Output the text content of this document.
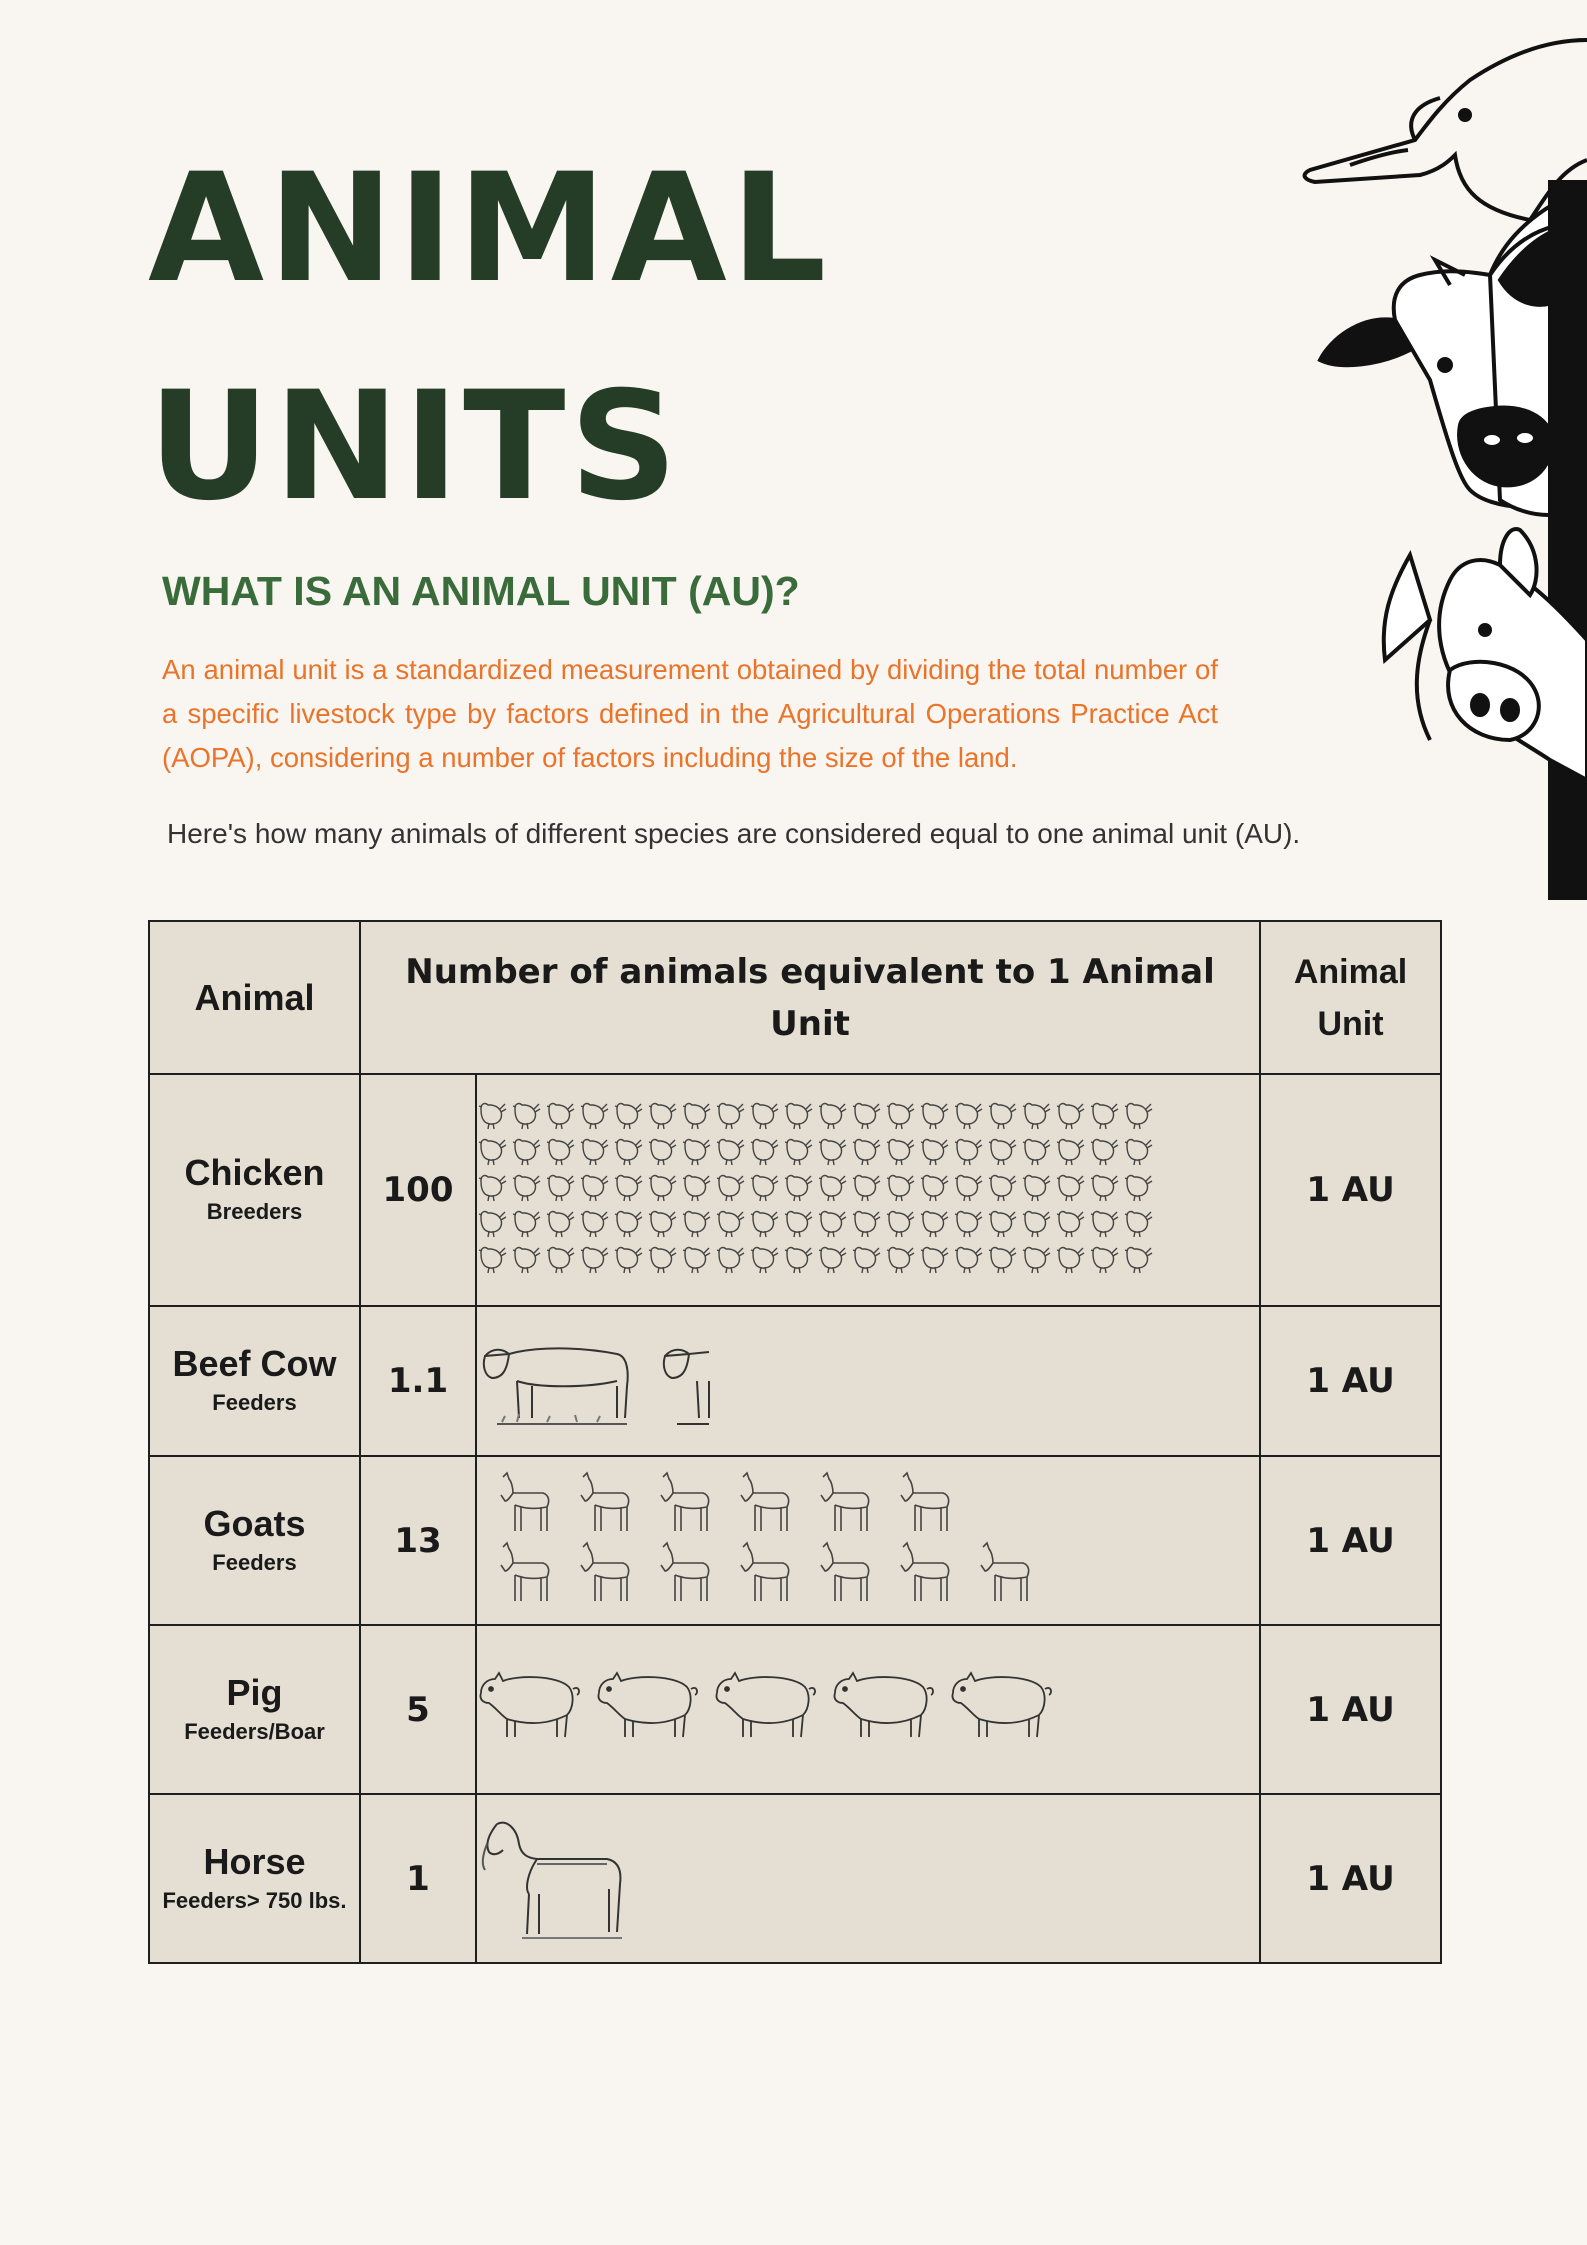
ANIMAL
UNITS
WHAT IS AN ANIMAL UNIT (AU)?
An animal unit is a standardized measurement obtained by dividing the total number of a specific livestock type by factors defined in the Agricultural Operations Practice Act (AOPA), considering a number of factors including the size of the land.
Here's how many animals of different species are considered equal to one animal unit (AU).
Animal	Number of animals equivalent to 1 Animal Unit		Animal Unit

Chicken
Breeders	100		1 AU

Beef Cow
Feeders	1.1		1 AU

Goats
Feeders	13		1 AU

Pig
Feeders/Boar	5		1 AU

Horse
Feeders> 750 lbs.	1		1 AU
